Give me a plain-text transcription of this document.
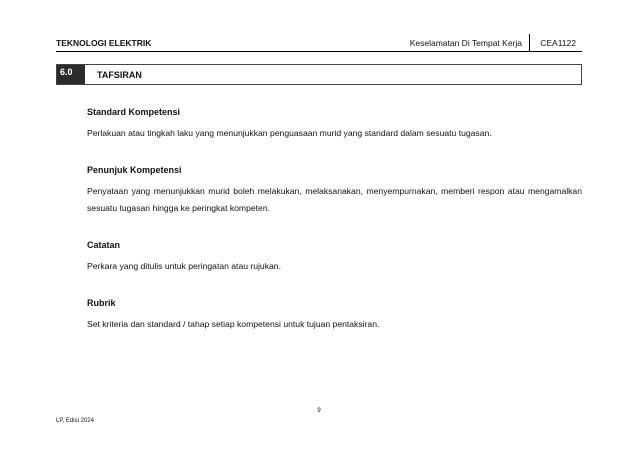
TEKNOLOGI ELEKTRIK	Keselamatan Di Tempat Kerja CEA1122
6.0	TAFSIRAN

Standard Kompetensi

Perlakuan atau tingkah laku yang menunjukkan penguasaan murid yang standard dalam sesuatu tugasan.

Penunjuk Kompetensi

Penyataan yang menunjukkan murid boleh melakukan, melaksanakan, menyempurnakan, memberi respon atau mengamalkan sesuatu tugasan hingga ke peringkat kompeten.

Catatan

Perkara yang ditulis untuk peringatan atau rujukan.

Rubrik

Set kriteria dan standard / tahap setiap kompetensi untuk tujuan pentaksiran.

9
LP, Edisi 2024
